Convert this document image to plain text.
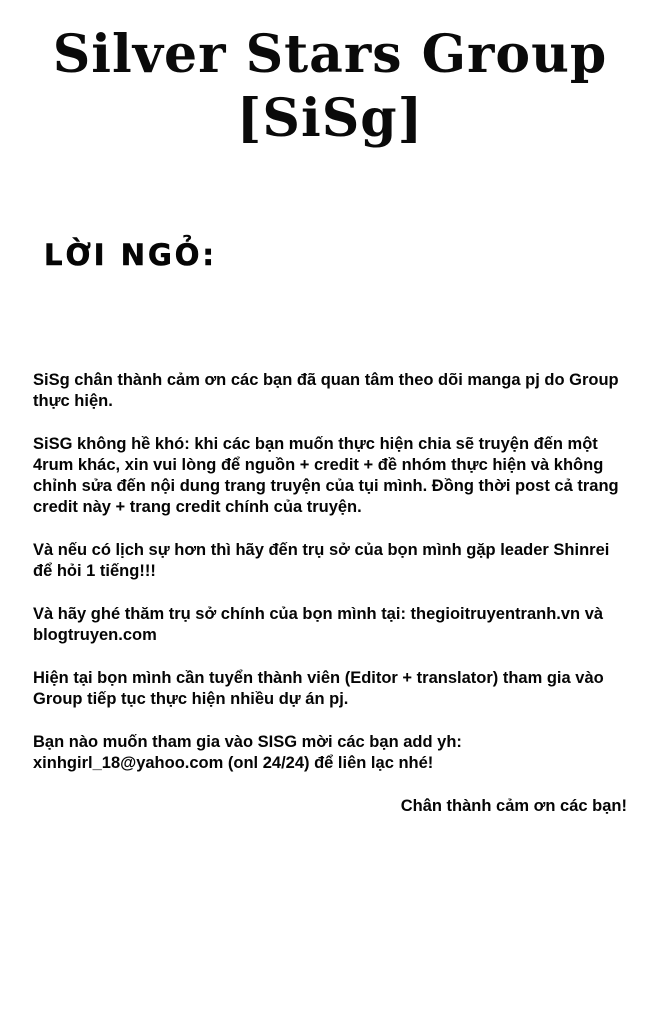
Silver Stars Group
[SiSg]
LỜI NGỎ:

SiSg chân thành cảm ơn các bạn đã quan tâm theo dõi manga pj do Group thực hiện.

SiSG không hề khó: khi các bạn muốn thực hiện chia sẽ truyện đến một 4rum khác, xin vui lòng để nguồn + credit + đề nhóm thực hiện và không chỉnh sửa đến nội dung trang truyện của tụi mình. Đồng thời post cả trang credit này + trang credit chính của truyện.

Và nếu có lịch sự hơn thì hãy đến trụ sở của bọn mình gặp leader Shinrei để hỏi 1 tiếng!!!

Và hãy ghé thăm trụ sở chính của bọn mình tại: thegioitruyentranh.vn và blogtruyen.com

Hiện tại bọn mình cần tuyển thành viên (Editor + translator) tham gia vào Group tiếp tục thực hiện nhiều dự án pj.

Bạn nào muốn tham gia vào SISG mời các bạn add yh: xinhgirl_18@yahoo.com (onl 24/24) để liên lạc nhé!

Chân thành cảm ơn các bạn!
